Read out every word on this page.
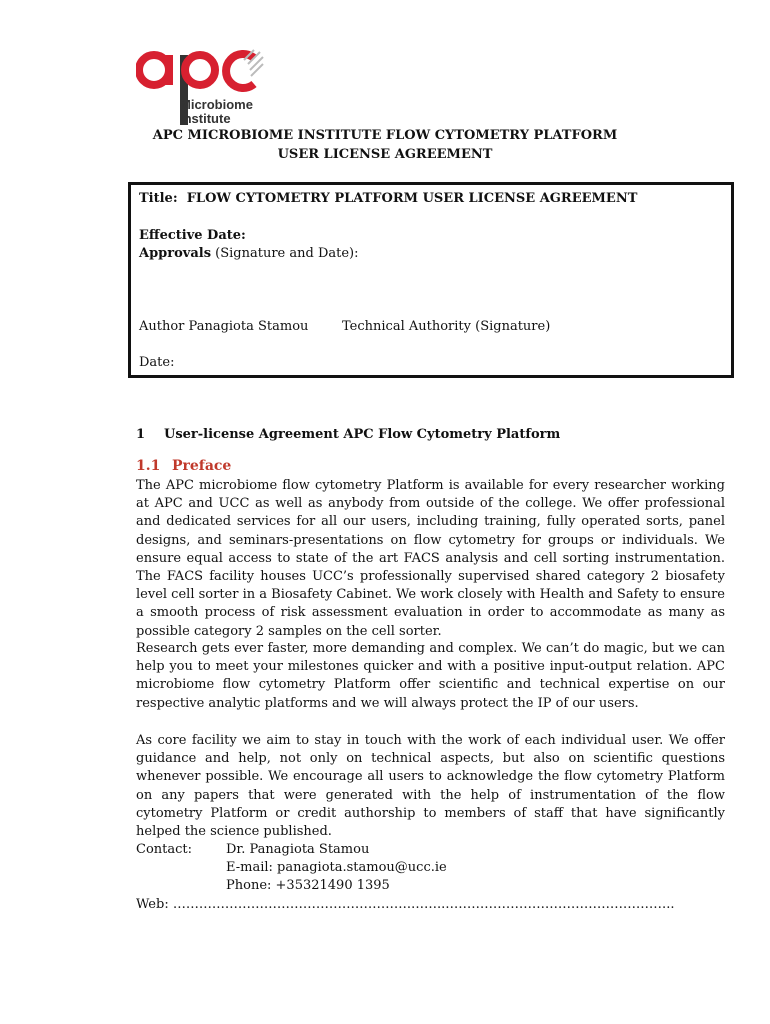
Microbiome
Institute
APC MICROBIOME INSTITUTE FLOW CYTOMETRY PLATFORM
USER LICENSE AGREEMENT
Title: FLOW CYTOMETRY PLATFORM USER LICENSE AGREEMENT
Effective Date:
Approvals (Signature and Date):
Author Panagiota Stamou	Technical Authority (Signature)
Date:
1 User-license Agreement APC Flow Cytometry Platform
1.1 Preface

The APC microbiome flow cytometry Platform is available for every researcher working at APC and UCC as well as anybody from outside of the college. We offer professional and dedicated services for all our users, including training, fully operated sorts, panel designs, and seminars-presentations on flow cytometry for groups or individuals. We ensure equal access to state of the art FACS analysis and cell sorting instrumentation. The FACS facility houses UCC’s professionally supervised shared category 2 biosafety level cell sorter in a Biosafety Cabinet. We work closely with Health and Safety to ensure a smooth process of risk assessment evaluation in order to accommodate as many as possible category 2 samples on the cell sorter.

Research gets ever faster, more demanding and complex. We can’t do magic, but we can help you to meet your milestones quicker and with a positive input-output relation. APC microbiome flow cytometry Platform offer scientific and technical expertise on our respective analytic platforms and we will always protect the IP of our users.

As core facility we aim to stay in touch with the work of each individual user. We offer guidance and help, not only on technical aspects, but also on scientific questions whenever possible. We encourage all users to acknowledge the flow cytometry Platform on any papers that were generated with the help of instrumentation of the flow cytometry Platform or credit authorship to members of staff that have significantly helped the science published.

Contact:	Dr. Panagiota Stamou
E-mail: panagiota.stamou@ucc.ie
Phone: +35321490 1395
Web: ……………………………………………….……..……………………………………………..
